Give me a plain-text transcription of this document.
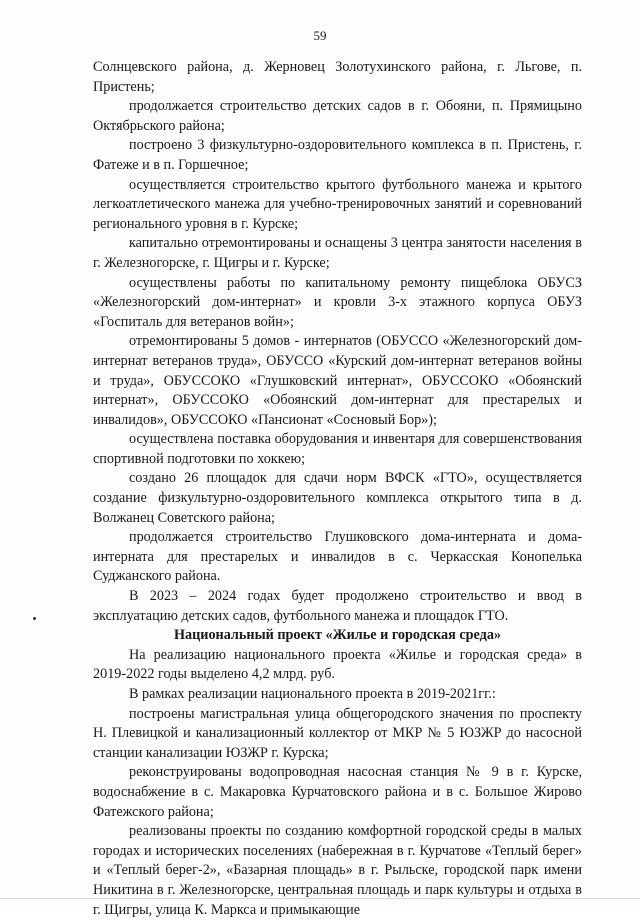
59

Солнцевского района, д. Жерновец Золотухинского района, г. Льгове, п. Пристень;

продолжается строительство детских садов в г. Обояни, п. Прямицыно Октябрьского района;

построено 3 физкультурно-оздоровительного комплекса в п. Пристень, г. Фатеже и в п. Горшечное;

осуществляется строительство крытого футбольного манежа и крытого легкоатлетического манежа для учебно-тренировочных занятий и соревнований регионального уровня в г. Курске;

капитально отремонтированы и оснащены 3 центра занятости населения в г. Железногорске, г. Щигры и г. Курске;

осуществлены работы по капитальному ремонту пищеблока ОБУСЗ «Железногорский дом-интернат» и кровли 3-х этажного корпуса ОБУЗ «Госпиталь для ветеранов войн»;

отремонтированы 5 домов - интернатов (ОБУССО «Железногорский дом-интернат ветеранов труда», ОБУССО «Курский дом-интернат ветеранов войны и труда», ОБУССОКО «Глушковский интернат», ОБУССОКО «Обоянский интернат», ОБУССОКО «Обоянский дом-интернат для престарелых и инвалидов», ОБУССОКО «Пансионат «Сосновый Бор»);

осуществлена поставка оборудования и инвентаря для совершенствования спортивной подготовки по хоккею;

создано 26 площадок для сдачи норм ВФСК «ГТО», осуществляется создание физкультурно-оздоровительного комплекса открытого типа в д. Волжанец Советского района;

продолжается строительство Глушковского дома-интерната и дома-интерната для престарелых и инвалидов в с. Черкасская Конопелька Суджанского района.

В 2023 – 2024 годах будет продолжено строительство и ввод в эксплуатацию детских садов, футбольного манежа и площадок ГТО.

Национальный проект «Жилье и городская среда»

На реализацию национального проекта «Жилье и городская среда» в 2019-2022 годы выделено 4,2 млрд. руб.

В рамках реализации национального проекта в 2019-2021гг.:

построены магистральная улица общегородского значения по проспекту Н. Плевицкой и канализационный коллектор от МКР № 5 ЮЗЖР до насосной станции канализации ЮЗЖР г. Курска;

реконструированы водопроводная насосная станция № 9 в г. Курске, водоснабжение в с. Макаровка Курчатовского района и в с. Большое Жирово Фатежского района;

реализованы проекты по созданию комфортной городской среды в малых городах и исторических поселениях (набережная в г. Курчатове «Теплый берег» и «Теплый берег-2», «Базарная площадь» в г. Рыльске, городской парк имени Никитина в г. Железногорске, центральная площадь и парк культуры и отдыха в г. Щигры, улица К. Маркса и примыкающие
